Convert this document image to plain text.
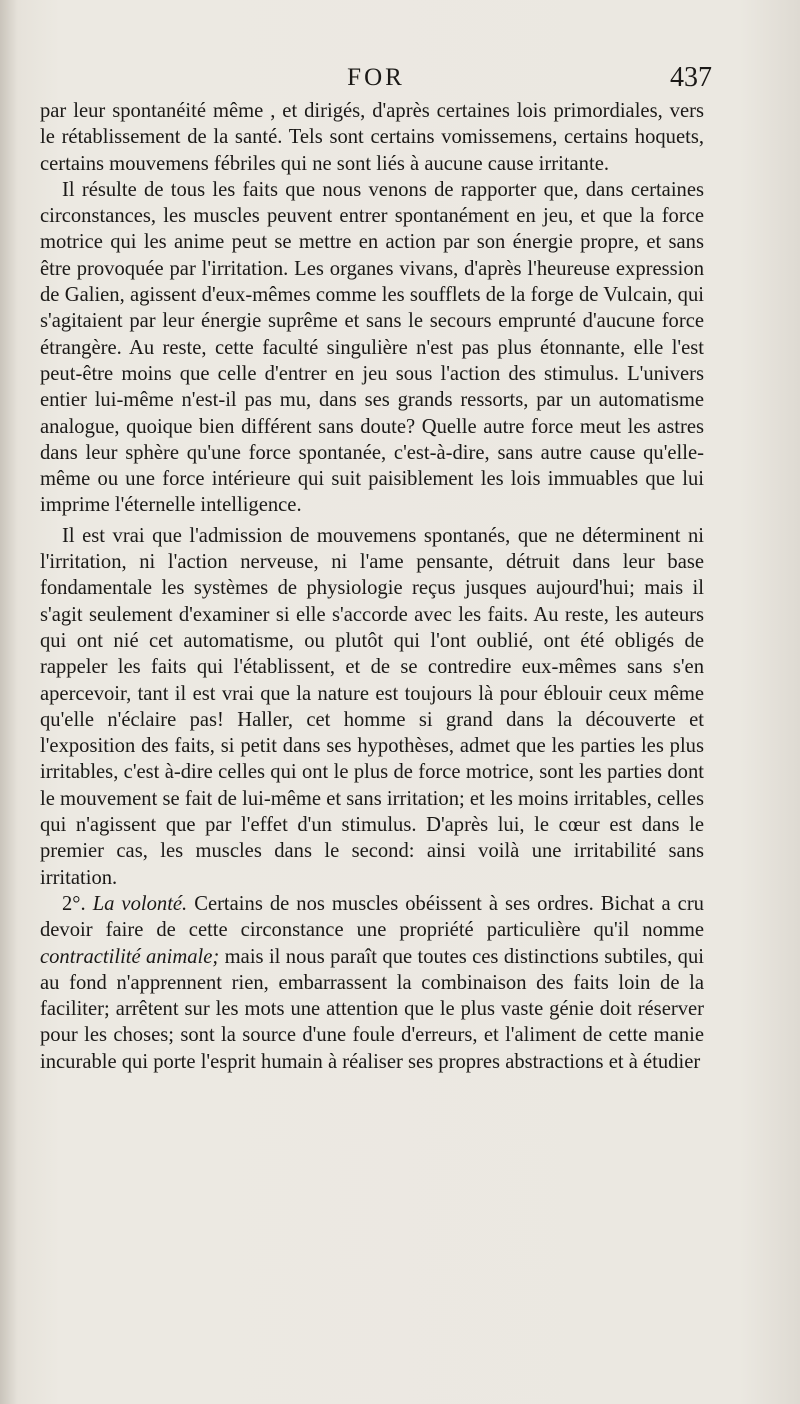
FOR	437

par leur spontanéité même , et dirigés, d'après certaines lois primordiales, vers le rétablissement de la santé. Tels sont certains vomissemens, certains hoquets, certains mouvemens fébriles qui ne sont liés à aucune cause irritante.

Il résulte de tous les faits que nous venons de rapporter que, dans certaines circonstances, les muscles peuvent entrer spontanément en jeu, et que la force motrice qui les anime peut se mettre en action par son énergie propre, et sans être provoquée par l'irritation. Les organes vivans, d'après l'heureuse expression de Galien, agissent d'eux-mêmes comme les soufflets de la forge de Vulcain, qui s'agitaient par leur énergie suprême et sans le secours emprunté d'aucune force étrangère. Au reste, cette faculté singulière n'est pas plus étonnante, elle l'est peut-être moins que celle d'entrer en jeu sous l'action des stimulus. L'univers entier lui-même n'est-il pas mu, dans ses grands ressorts, par un automatisme analogue, quoique bien différent sans doute? Quelle autre force meut les astres dans leur sphère qu'une force spontanée, c'est-à-dire, sans autre cause qu'elle-même ou une force intérieure qui suit paisiblement les lois immuables que lui imprime l'éternelle intelligence.

Il est vrai que l'admission de mouvemens spontanés, que ne déterminent ni l'irritation, ni l'action nerveuse, ni l'ame pensante, détruit dans leur base fondamentale les systèmes de physiologie reçus jusques aujourd'hui; mais il s'agit seulement d'examiner si elle s'accorde avec les faits. Au reste, les auteurs qui ont nié cet automatisme, ou plutôt qui l'ont oublié, ont été obligés de rappeler les faits qui l'établissent, et de se contredire eux-mêmes sans s'en apercevoir, tant il est vrai que la nature est toujours là pour éblouir ceux même qu'elle n'éclaire pas! Haller, cet homme si grand dans la découverte et l'exposition des faits, si petit dans ses hypothèses, admet que les parties les plus irritables, c'est à-dire celles qui ont le plus de force motrice, sont les parties dont le mouvement se fait de lui-même et sans irritation; et les moins irritables, celles qui n'agissent que par l'effet d'un stimulus. D'après lui, le cœur est dans le premier cas, les muscles dans le second: ainsi voilà une irritabilité sans irritation.

2°. La volonté. Certains de nos muscles obéissent à ses ordres. Bichat a cru devoir faire de cette circonstance une propriété particulière qu'il nomme contractilité animale; mais il nous paraît que toutes ces distinctions subtiles, qui au fond n'apprennent rien, embarrassent la combinaison des faits loin de la faciliter; arrêtent sur les mots une attention que le plus vaste génie doit réserver pour les choses; sont la source d'une foule d'erreurs, et l'aliment de cette manie incurable qui porte l'esprit humain à réaliser ses propres abstractions et à étudier
